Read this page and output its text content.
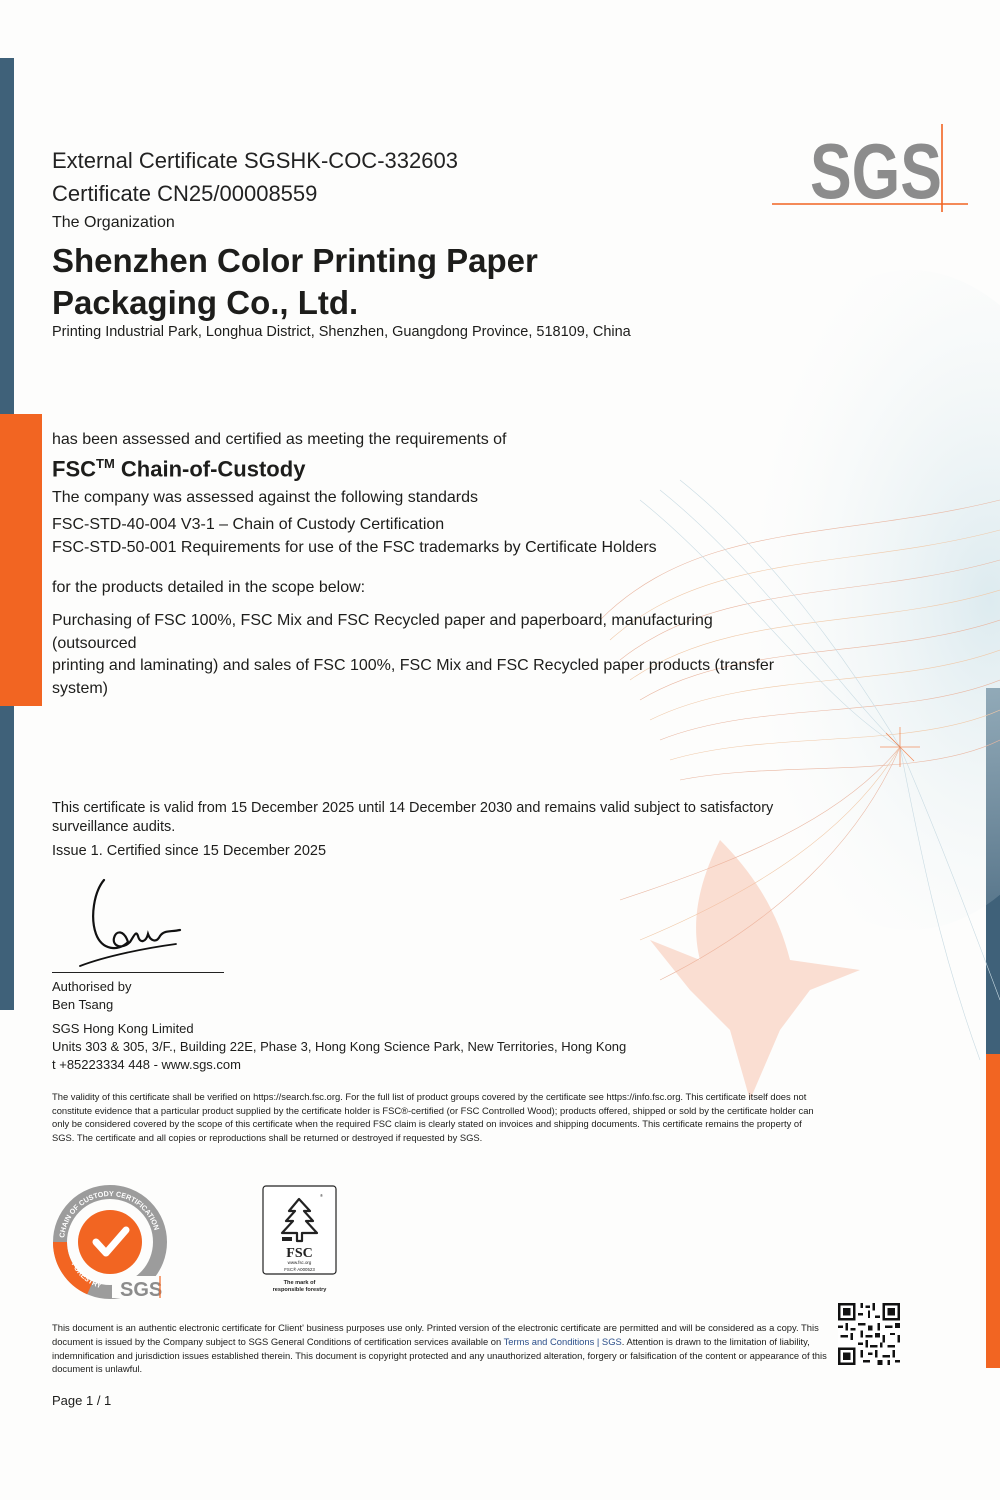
SGS
External Certificate SGSHK-COC-332603
Certificate CN25/00008559
The Organization
Shenzhen Color Printing Paper Packaging Co., Ltd.
Printing Industrial Park, Longhua District, Shenzhen, Guangdong Province, 518109, China
has been assessed and certified as meeting the requirements of
FSC™ Chain-of-Custody
The company was assessed against the following standards
FSC-STD-40-004 V3-1 – Chain of Custody Certification
FSC-STD-50-001 Requirements for use of the FSC trademarks by Certificate Holders
for the products detailed in the scope below:
Purchasing of FSC 100%, FSC Mix and FSC Recycled paper and paperboard, manufacturing
(outsourced
printing and laminating) and sales of FSC 100%, FSC Mix and FSC Recycled paper products (transfer
system)
This certificate is valid from 15 December 2025 until 14 December 2030 and remains valid subject to satisfactory surveillance audits.
Issue 1. Certified since 15 December 2025
Authorised by
Ben Tsang
SGS Hong Kong Limited
Units 303 & 305, 3/F., Building 22E, Phase 3, Hong Kong Science Park, New Territories, Hong Kong
t +85223334 448 - www.sgs.com
The validity of this certificate shall be verified on https://search.fsc.org. For the full list of product groups covered by the certificate see https://info.fsc.org. This certificate itself does not constitute evidence that a particular product supplied by the certificate holder is FSC®-certified (or FSC Controlled Wood); products offered, shipped or sold by the certificate holder can only be considered covered by the scope of this certificate when the required FSC claim is clearly stated on invoices and shipping documents. This certificate remains the property of SGS. The certificate and all copies or reproductions shall be returned or destroyed if requested by SGS.
CHAIN OF CUSTODY CERTIFICATION
FORESTRY SGS
FSC
www.fsc.org
FSC® A000523
®
The mark of
responsible forestry
This document is an authentic electronic certificate for Client' business purposes use only. Printed version of the electronic certificate are permitted and will be considered as a copy. This document is issued by the Company subject to SGS General Conditions of certification services available on Terms and Conditions | SGS. Attention is drawn to the limitation of liability, indemnification and jurisdiction issues established therein. This document is copyright protected and any unauthorized alteration, forgery or falsification of the content or appearance of this document is unlawful.
Page 1 / 1
